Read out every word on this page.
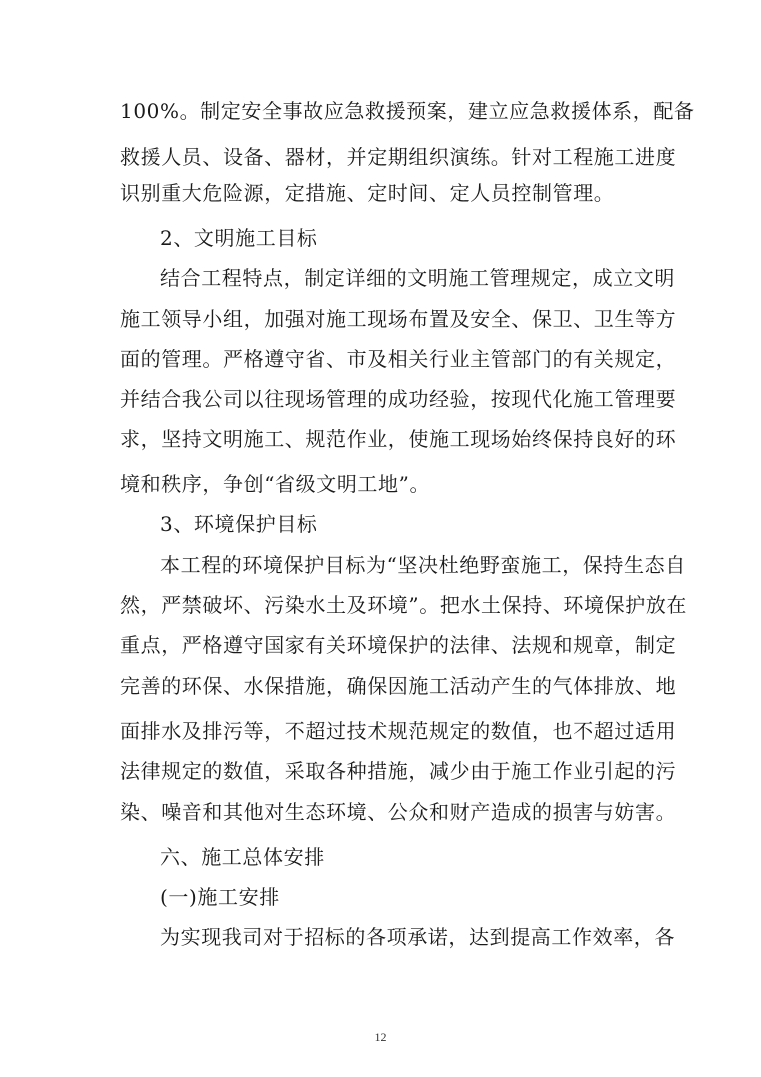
100%。制定安全事故应急救援预案，建立应急救援体系，配备
救援人员、设备、器材，并定期组织演练。针对工程施工进度
识别重大危险源，定措施、定时间、定人员控制管理。
2、文明施工目标
结合工程特点，制定详细的文明施工管理规定，成立文明
施工领导小组，加强对施工现场布置及安全、保卫、卫生等方
面的管理。严格遵守省、市及相关行业主管部门的有关规定，
并结合我公司以往现场管理的成功经验，按现代化施工管理要
求，坚持文明施工、规范作业，使施工现场始终保持良好的环
境和秩序，争创“省级文明工地”。
3、环境保护目标
本工程的环境保护目标为“坚决杜绝野蛮施工，保持生态自
然，严禁破坏、污染水土及环境”。把水土保持、环境保护放在
重点，严格遵守国家有关环境保护的法律、法规和规章，制定
完善的环保、水保措施，确保因施工活动产生的气体排放、地
面排水及排污等，不超过技术规范规定的数值，也不超过适用
法律规定的数值，采取各种措施，减少由于施工作业引起的污
染、噪音和其他对生态环境、公众和财产造成的损害与妨害。
六、施工总体安排
(一)施工安排
为实现我司对于招标的各项承诺，达到提高工作效率，各
12
